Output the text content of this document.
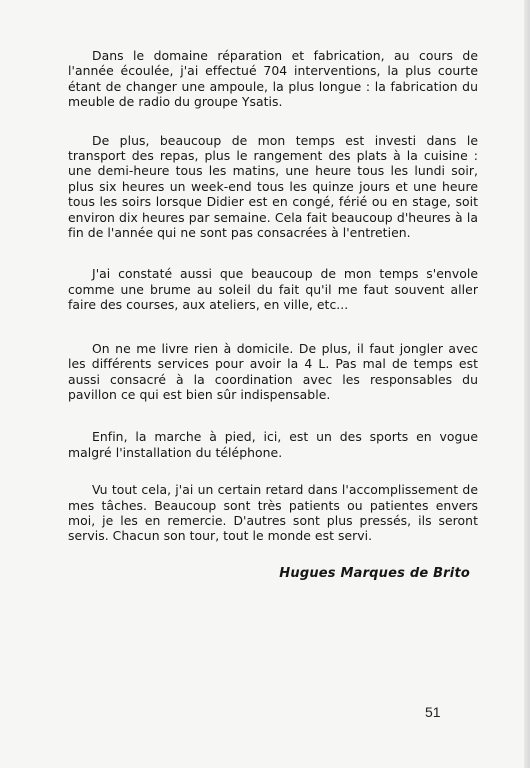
Dans le domaine réparation et fabrication, au cours de l'année écoulée, j'ai effectué 704 interventions, la plus courte étant de changer une ampoule, la plus longue : la fabrication du meuble de radio du groupe Ysatis.

De plus, beaucoup de mon temps est investi dans le transport des repas, plus le rangement des plats à la cuisine : une demi-heure tous les matins, une heure tous les lundi soir, plus six heures un week-end tous les quinze jours et une heure tous les soirs lorsque Didier est en congé, férié ou en stage, soit environ dix heures par semaine. Cela fait beaucoup d'heures à la fin de l'année qui ne sont pas consacrées à l'entretien.

J'ai constaté aussi que beaucoup de mon temps s'envole comme une brume au soleil du fait qu'il me faut souvent aller faire des courses, aux ateliers, en ville, etc...

On ne me livre rien à domicile. De plus, il faut jongler avec les différents services pour avoir la 4 L. Pas mal de temps est aussi consacré à la coordination avec les responsables du pavillon ce qui est bien sûr indispensable.

Enfin, la marche à pied, ici, est un des sports en vogue malgré l'installation du téléphone.

Vu tout cela, j'ai un certain retard dans l'accomplissement de mes tâches. Beaucoup sont très patients ou patientes envers moi, je les en remercie. D'autres sont plus pressés, ils seront servis. Chacun son tour, tout le monde est servi.

Hugues Marques de Brito
51
